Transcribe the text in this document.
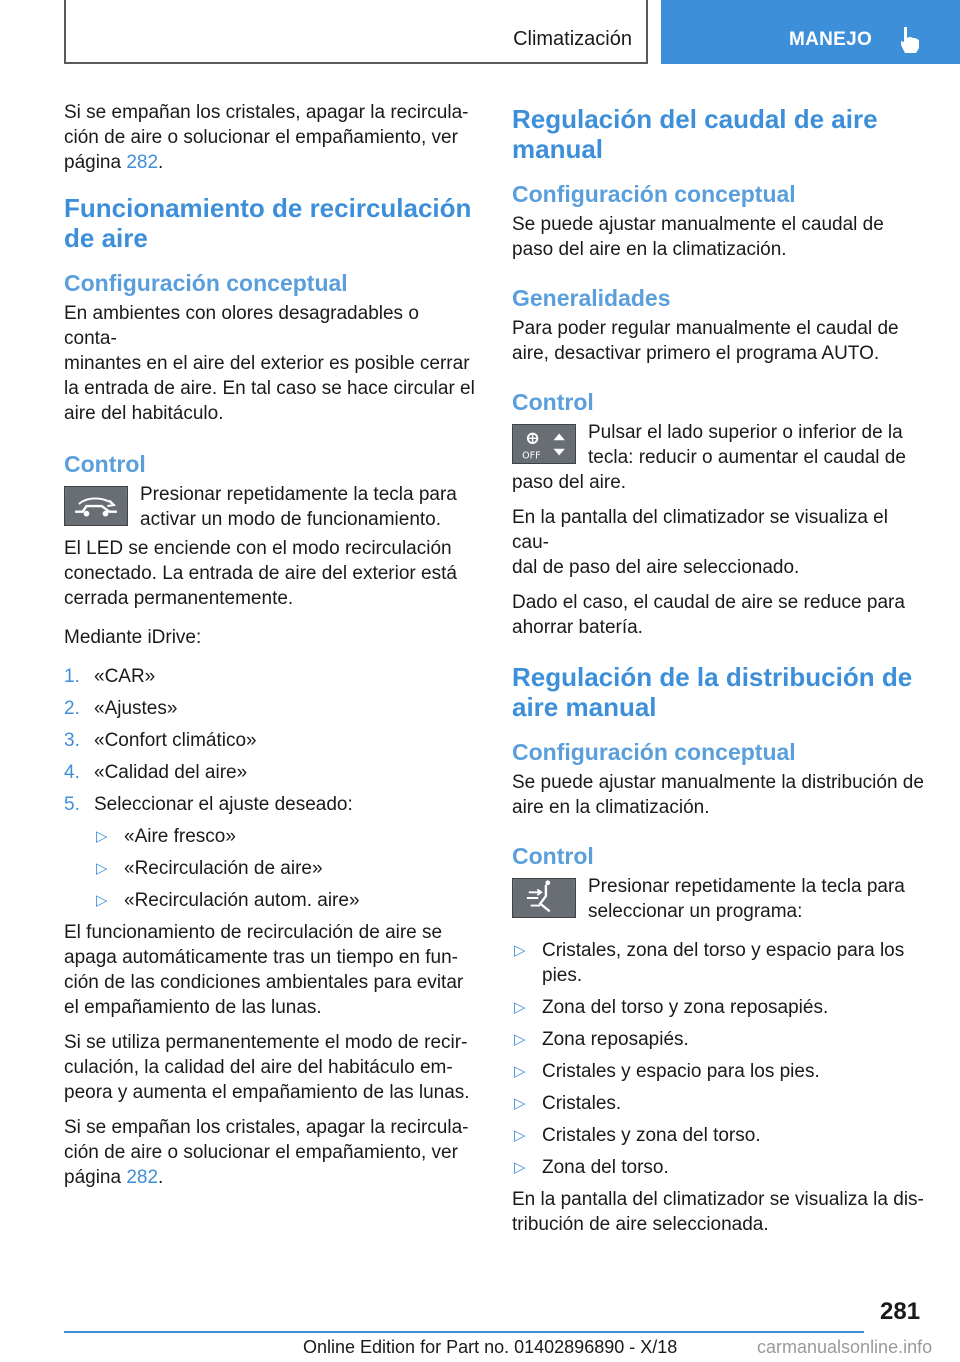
Climatización	MANEJO

Si se empañan los cristales, apagar la recircula-
ción de aire o solucionar el empañamiento, ver
página 282.

Funcionamiento de recirculación
de aire
Configuración conceptual

En ambientes con olores desagradables o conta-
minantes en el aire del exterior es posible cerrar
la entrada de aire. En tal caso se hace circular el
aire del habitáculo.

Control
Presionar repetidamente la tecla para
activar un modo de funcionamiento.

El LED se enciende con el modo recirculación
conectado. La entrada de aire del exterior está
cerrada permanentemente.

Mediante iDrive:

1. «CAR»
2. «Ajustes»
3. «Confort climático»
4. «Calidad del aire»
5. Seleccionar el ajuste deseado:
▷ «Aire fresco»
▷ «Recirculación de aire»
▷ «Recirculación autom. aire»

El funcionamiento de recirculación de aire se
apaga automáticamente tras un tiempo en fun-
ción de las condiciones ambientales para evitar
el empañamiento de las lunas.

Si se utiliza permanentemente el modo de recir-
culación, la calidad del aire del habitáculo em-
peora y aumenta el empañamiento de las lunas.

Si se empañan los cristales, apagar la recircula-
ción de aire o solucionar el empañamiento, ver
página 282.

Regulación del caudal de aire
manual
Configuración conceptual

Se puede ajustar manualmente el caudal de
paso del aire en la climatización.

Generalidades

Para poder regular manualmente el caudal de
aire, desactivar primero el programa AUTO.

Control
OFF
Pulsar el lado superior o inferior de la
tecla: reducir o aumentar el caudal de
paso del aire.

En la pantalla del climatizador se visualiza el cau-
dal de paso del aire seleccionado.

Dado el caso, el caudal de aire se reduce para
ahorrar batería.

Regulación de la distribución de
aire manual
Configuración conceptual

Se puede ajustar manualmente la distribución de
aire en la climatización.

Control
Presionar repetidamente la tecla para
seleccionar un programa:
▷ Cristales, zona del torso y espacio para los
pies.
▷ Zona del torso y zona reposapiés.
▷ Zona reposapiés.
▷ Cristales y espacio para los pies.
▷ Cristales.
▷ Cristales y zona del torso.
▷ Zona del torso.

En la pantalla del climatizador se visualiza la dis-
tribución de aire seleccionada.

281
Online Edition for Part no. 01402896890 - X/18	carmanualsonline.info
